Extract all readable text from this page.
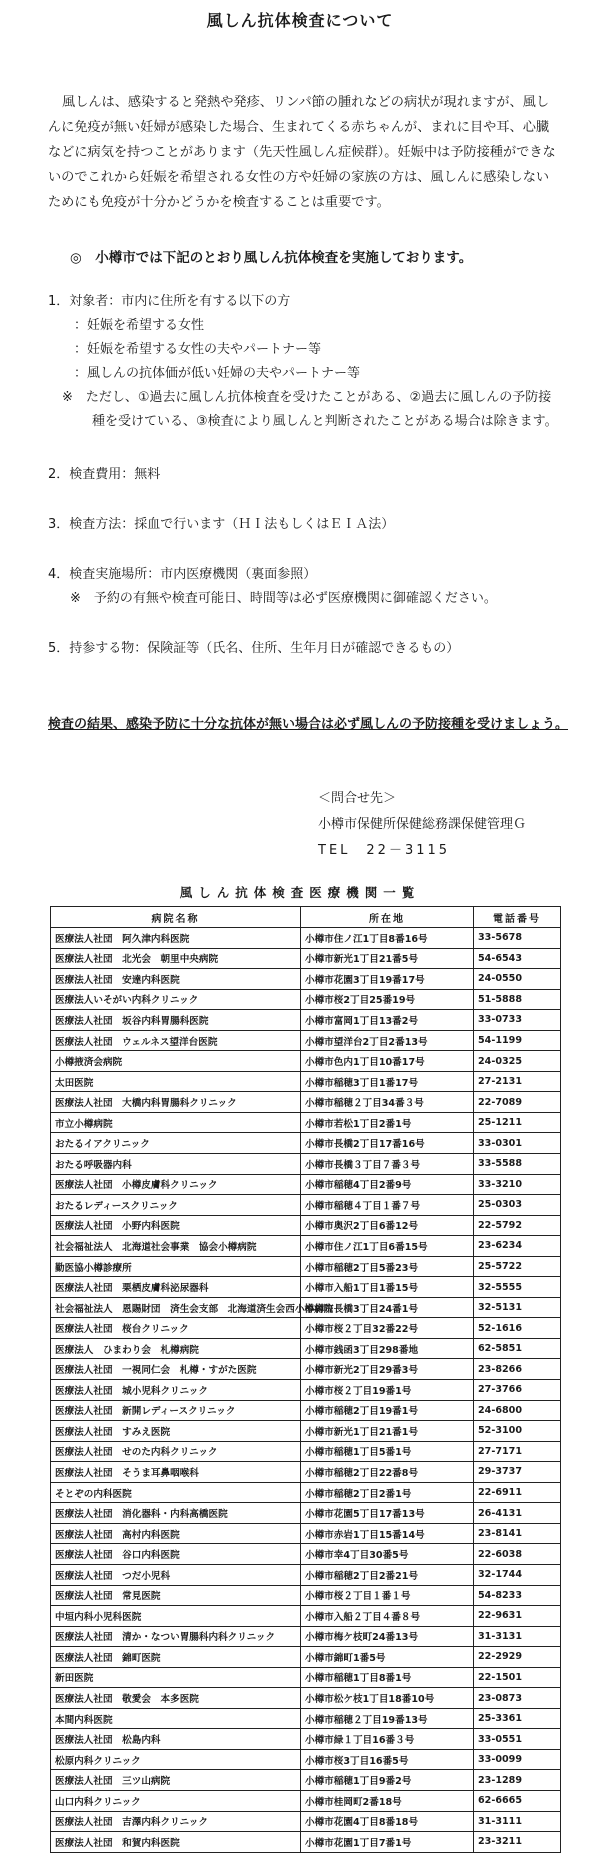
風しん抗体検査について
風しんは、感染すると発熱や発疹、リンパ節の腫れなどの病状が現れますが、風しんに免疫が無い妊婦が感染した場合、生まれてくる赤ちゃんが、まれに目や耳、心臓などに病気を持つことがあります（先天性風しん症候群）。妊娠中は予防接種ができないのでこれから妊娠を希望される女性の方や妊婦の家族の方は、風しんに感染しないためにも免疫が十分かどうかを検査することは重要です。
◎　小樽市では下記のとおり風しん抗体検査を実施しております。
1．対象者：市内に住所を有する以下の方
：妊娠を希望する女性
：妊娠を希望する女性の夫やパートナー等
：風しんの抗体価が低い妊婦の夫やパートナー等
※　ただし、①過去に風しん抗体検査を受けたことがある、②過去に風しんの予防接
種を受けている、③検査により風しんと判断されたことがある場合は除きます。
2．検査費用：無料
3．検査方法：採血で行います（ＨＩ法もしくはＥＩＡ法）
4．検査実施場所：市内医療機関（裏面参照）
※　予約の有無や検査可能日、時間等は必ず医療機関に御確認ください。
5．持参する物：保険証等（氏名、住所、生年月日が確認できるもの）
検査の結果、感染予防に十分な抗体が無い場合は必ず風しんの予防接種を受けましょう。
＜問合せ先＞
小樽市保健所保健総務課保健管理Ｇ
TEL　22－3115
風しん抗体検査医療機関一覧
病院名称	所在地	電話番号
医療法人社団　阿久津内科医院	小樽市住ノ江1丁目8番16号	33-5678
医療法人社団　北光会　朝里中央病院	小樽市新光1丁目21番5号	54-6543
医療法人社団　安達内科医院	小樽市花園3丁目19番17号	24-0550
医療法人いそがい内科クリニック	小樽市桜2丁目25番19号	51-5888
医療法人社団　坂谷内科胃腸科医院	小樽市富岡1丁目13番2号	33-0733
医療法人社団　ウェルネス望洋台医院	小樽市望洋台2丁目2番13号	54-1199
小樽掖済会病院	小樽市色内1丁目10番17号	24-0325
太田医院	小樽市稲穂3丁目1番17号	27-2131
医療法人社団　大橋内科胃腸科クリニック	小樽市稲穂２丁目34番３号	22-7089
市立小樽病院	小樽市若松1丁目2番1号	25-1211
おたるイアクリニック	小樽市長橋2丁目17番16号	33-0301
おたる呼吸器内科	小樽市長橋３丁目７番３号	33-5588
医療法人社団　小樽皮膚科クリニック	小樽市稲穂4丁目2番9号	33-3210
おたるレディースクリニック	小樽市稲穂４丁目１番７号	25-0303
医療法人社団　小野内科医院	小樽市奥沢2丁目6番12号	22-5792
社会福祉法人　北海道社会事業　協会小樽病院	小樽市住ノ江1丁目6番15号	23-6234
勤医協小樽診療所	小樽市稲穂2丁目5番23号	25-5722
医療法人社団　栗栖皮膚科泌尿器科	小樽市入船1丁目1番15号	32-5555
社会福祉法人　恩賜財団　済生会支部　北海道済生会西小樽病院	小樽市長橋3丁目24番1号	32-5131
医療法人社団　桜台クリニック	小樽市桜２丁目32番22号	52-1616
医療法人　ひまわり会　札樽病院	小樽市銭函3丁目298番地	62-5851
医療法人社団　一視同仁会　札樽・すがた医院	小樽市新光2丁目29番3号	23-8266
医療法人社団　城小児科クリニック	小樽市桜２丁目19番1号	27-3766
医療法人社団　新開レディースクリニック	小樽市稲穂2丁目19番1号	24-6800
医療法人社団　すみえ医院	小樽市新光1丁目21番1号	52-3100
医療法人社団　せのた内科クリニック	小樽市稲穂1丁目5番1号	27-7171
医療法人社団　そうま耳鼻咽喉科	小樽市稲穂2丁目22番8号	29-3737
そとぞの内科医院	小樽市稲穂2丁目2番1号	22-6911
医療法人社団　消化器科・内科高橋医院	小樽市花園5丁目17番13号	26-4131
医療法人社団　高村内科医院	小樽市赤岩1丁目15番14号	23-8141
医療法人社団　谷口内科医院	小樽市幸4丁目30番5号	22-6038
医療法人社団　つだ小児科	小樽市稲穂2丁目2番21号	32-1744
医療法人社団　常見医院	小樽市桜２丁目１番１号	54-8233
中垣内科小児科医院	小樽市入船２丁目４番８号	22-9631
医療法人社団　清か・なつい胃腸科内科クリニック	小樽市梅ケ枝町24番13号	31-3131
医療法人社団　錦町医院	小樽市錦町1番5号	22-2929
新田医院	小樽市稲穂1丁目8番1号	22-1501
医療法人社団　敬愛会　本多医院	小樽市松ケ枝1丁目18番10号	23-0873
本間内科医院	小樽市稲穂２丁目19番13号	25-3361
医療法人社団　松島内科	小樽市緑１丁目16番３号	33-0551
松原内科クリニック	小樽市桜3丁目16番5号	33-0099
医療法人社団　三ツ山病院	小樽市稲穂1丁目9番2号	23-1289
山口内科クリニック	小樽市桂岡町2番18号	62-6665
医療法人社団　吉澤内科クリニック	小樽市花園4丁目8番18号	31-3111
医療法人社団　和賀内科医院	小樽市花園1丁目7番1号	23-3211
